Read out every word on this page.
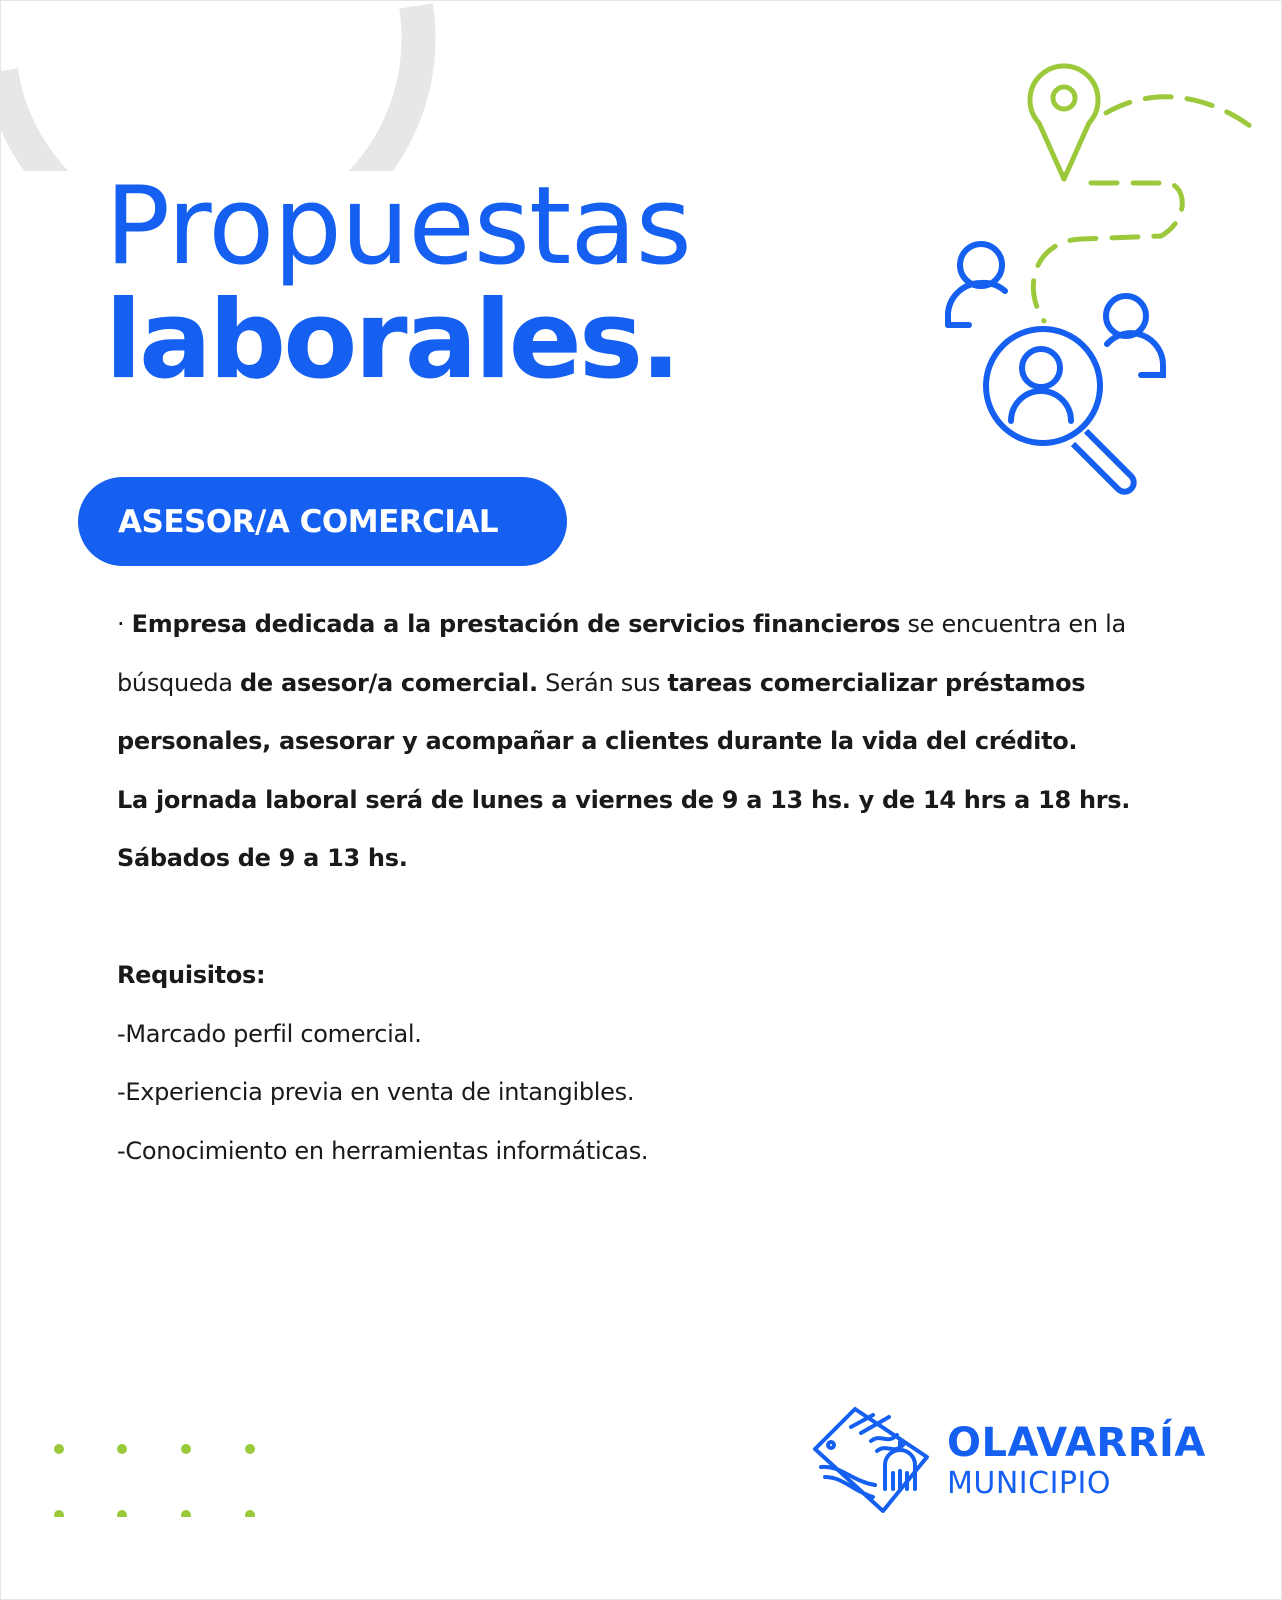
Propuestas
laborales.
ASESOR/A COMERCIAL

· Empresa dedicada a la prestación de servicios financieros se encuentra en la

búsqueda de asesor/a comercial. Serán sus tareas comercializar préstamos

personales, asesorar y acompañar a clientes durante la vida del crédito.

La jornada laboral será de lunes a viernes de 9 a 13 hs. y de 14 hrs a 18 hrs.

Sábados de 9 a 13 hs.

Requisitos:

-Marcado perfil comercial.

-Experiencia previa en venta de intangibles.

-Conocimiento en herramientas informáticas.

OLAVARRÍA
MUNICIPIO
